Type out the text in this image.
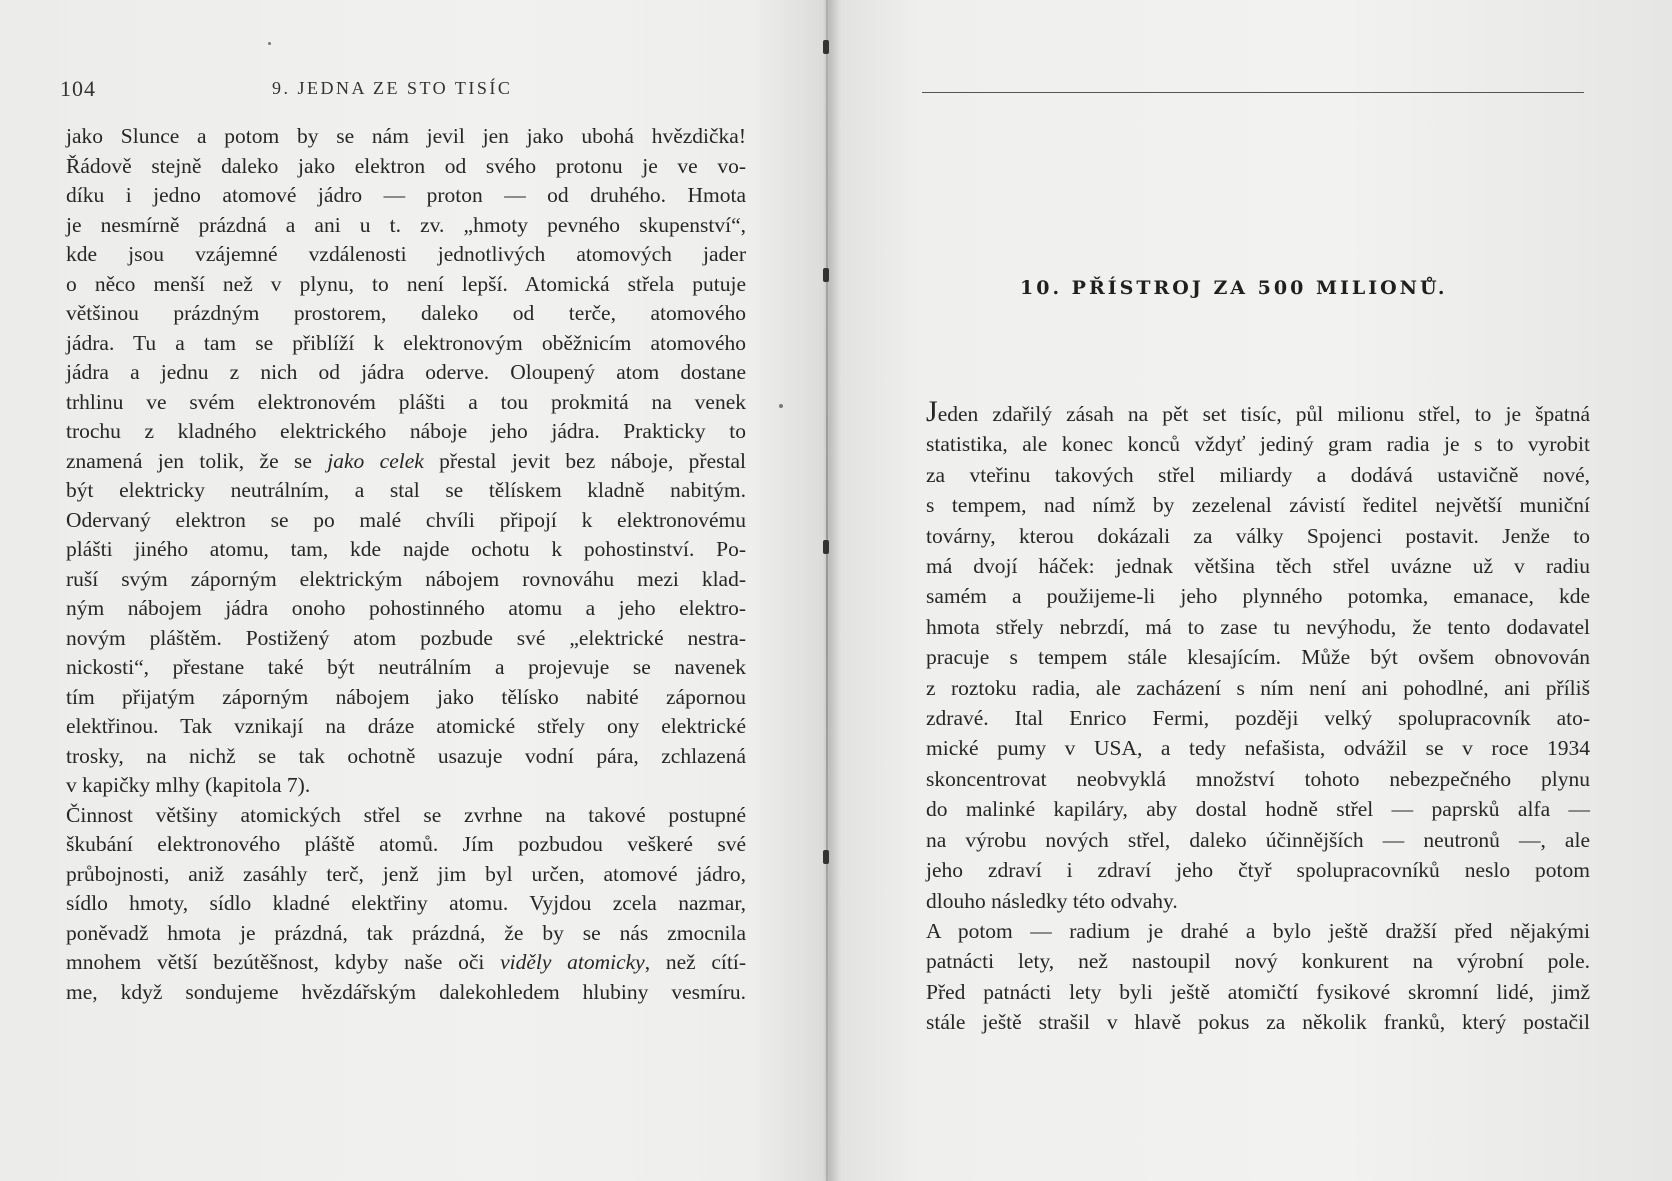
104	9. JEDNA ZE STO TISÍC
jako Slunce a potom by se nám jevil jen jako ubohá hvězdička!
Řádově stejně daleko jako elektron od svého protonu je ve vo-
díku i jedno atomové jádro — proton — od druhého. Hmota
je nesmírně prázdná a ani u t. zv. „hmoty pevného skupenství“,
kde jsou vzájemné vzdálenosti jednotlivých atomových jader
o něco menší než v plynu, to není lepší. Atomická střela putuje
většinou prázdným prostorem, daleko od terče, atomového
jádra. Tu a tam se přiblíží k elektronovým oběžnicím atomového
jádra a jednu z nich od jádra oderve. Oloupený atom dostane
trhlinu ve svém elektronovém plášti a tou prokmitá na venek
trochu z kladného elektrického náboje jeho jádra. Prakticky to
znamená jen tolik, že se jako celek přestal jevit bez náboje, přestal
být elektricky neutrálním, a stal se tělískem kladně nabitým.
Odervaný elektron se po malé chvíli připojí k elektronovému
plášti jiného atomu, tam, kde najde ochotu k pohostinství. Po-
ruší svým záporným elektrickým nábojem rovnováhu mezi klad-
ným nábojem jádra onoho pohostinného atomu a jeho elektro-
novým pláštěm. Postižený atom pozbude své „elektrické nestra-
nickosti“, přestane také být neutrálním a projevuje se navenek
tím přijatým záporným nábojem jako tělísko nabité zápornou
elektřinou. Tak vznikají na dráze atomické střely ony elektrické
trosky, na nichž se tak ochotně usazuje vodní pára, zchlazená
v kapičky mlhy (kapitola 7).
Činnost většiny atomických střel se zvrhne na takové postupné
škubání elektronového pláště atomů. Jím pozbudou veškeré své
průbojnosti, aniž zasáhly terč, jenž jim byl určen, atomové jádro,
sídlo hmoty, sídlo kladné elektřiny atomu. Vyjdou zcela nazmar,
poněvadž hmota je prázdná, tak prázdná, že by se nás zmocnila
mnohem větší bezútěšnost, kdyby naše oči viděly atomicky, než cítí-
me, když sondujeme hvězdářským dalekohledem hlubiny vesmíru.
10. PŘÍSTROJ ZA 500 MILIONŮ.
Jeden zdařilý zásah na pět set tisíc, půl milionu střel, to je špatná
statistika, ale konec konců vždyť jediný gram radia je s to vyrobit
za vteřinu takových střel miliardy a dodává ustavičně nové,
s tempem, nad nímž by zezelenal závistí ředitel největší muniční
továrny, kterou dokázali za války Spojenci postavit. Jenže to
má dvojí háček: jednak většina těch střel uvázne už v radiu
samém a použijeme-li jeho plynného potomka, emanace, kde
hmota střely nebrzdí, má to zase tu nevýhodu, že tento dodavatel
pracuje s tempem stále klesajícím. Může být ovšem obnovován
z roztoku radia, ale zacházení s ním není ani pohodlné, ani příliš
zdravé. Ital Enrico Fermi, později velký spolupracovník ato-
mické pumy v USA, a tedy nefašista, odvážil se v roce 1934
skoncentrovat neobvyklá množství tohoto nebezpečného plynu
do malinké kapiláry, aby dostal hodně střel — paprsků alfa —
na výrobu nových střel, daleko účinnějších — neutronů —, ale
jeho zdraví i zdraví jeho čtyř spolupracovníků neslo potom
dlouho následky této odvahy.
A potom — radium je drahé a bylo ještě dražší před nějakými
patnácti lety, než nastoupil nový konkurent na výrobní pole.
Před patnácti lety byli ještě atomičtí fysikové skromní lidé, jimž
stále ještě strašil v hlavě pokus za několik franků, který postačil
